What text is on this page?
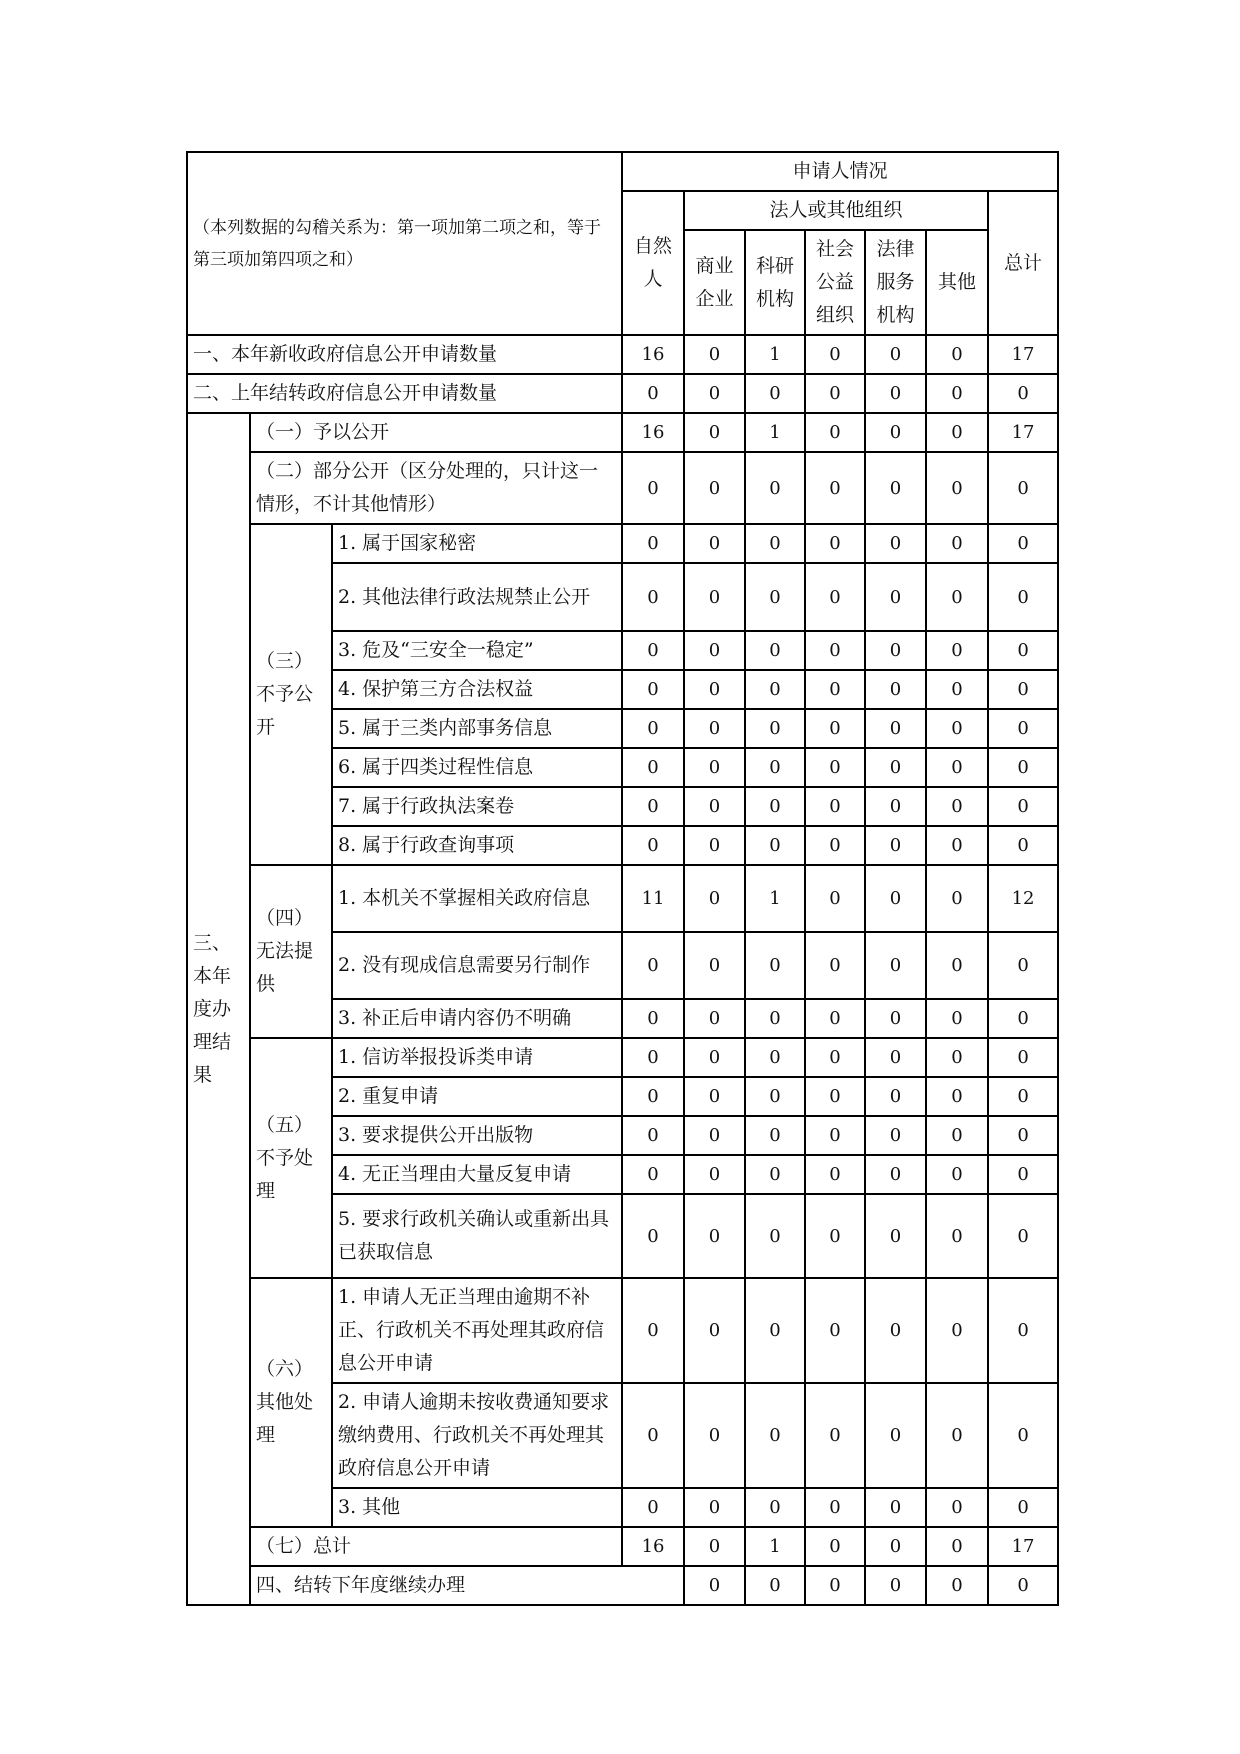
（本列数据的勾稽关系为：第一项加第二项之和，等于第三项加第四项之和）			申请人情况							
			自然人	法人或其他组织					总计	
				商业企业	科研机构	社会公益组织	法律服务机构	其他		
一、本年新收政府信息公开申请数量			16	0	1	0	0	0	17	
二、上年结转政府信息公开申请数量			0	0	0	0	0	0	0	
三、本年度办理结果	（一）予以公开		16	0	1	0	0	0	17	
	（二）部分公开（区分处理的，只计这一情形，不计其他情形）		0	0	0	0	0	0	0	
	（三）不予公开	1. 属于国家秘密	0	0	0	0	0	0	0	
		2. 其他法律行政法规禁止公开	0	0	0	0	0	0	0	
		3. 危及“三安全一稳定”	0	0	0	0	0	0	0	
		4. 保护第三方合法权益	0	0	0	0	0	0	0	
		5. 属于三类内部事务信息	0	0	0	0	0	0	0	
		6. 属于四类过程性信息	0	0	0	0	0	0	0	
		7. 属于行政执法案卷	0	0	0	0	0	0	0	
		8. 属于行政查询事项	0	0	0	0	0	0	0	
	（四）无法提供	1. 本机关不掌握相关政府信息	11	0	1	0	0	0	12	
		2. 没有现成信息需要另行制作	0	0	0	0	0	0	0	
		3. 补正后申请内容仍不明确	0	0	0	0	0	0	0	
	（五）不予处理	1. 信访举报投诉类申请	0	0	0	0	0	0	0	
		2. 重复申请	0	0	0	0	0	0	0	
		3. 要求提供公开出版物	0	0	0	0	0	0	0	
		4. 无正当理由大量反复申请	0	0	0	0	0	0	0	
		5. 要求行政机关确认或重新出具已获取信息	0	0	0	0	0	0	0	
	（六）其他处理	1. 申请人无正当理由逾期不补正、行政机关不再处理其政府信息公开申请	0	0	0	0	0	0	0	
		2. 申请人逾期未按收费通知要求缴纳费用、行政机关不再处理其政府信息公开申请	0	0	0	0	0	0	0	
		3. 其他	0	0	0	0	0	0	0	
	（七）总计		16	0	1	0	0	0	17	
	四、结转下年度继续办理			0	0	0	0	0	0	
